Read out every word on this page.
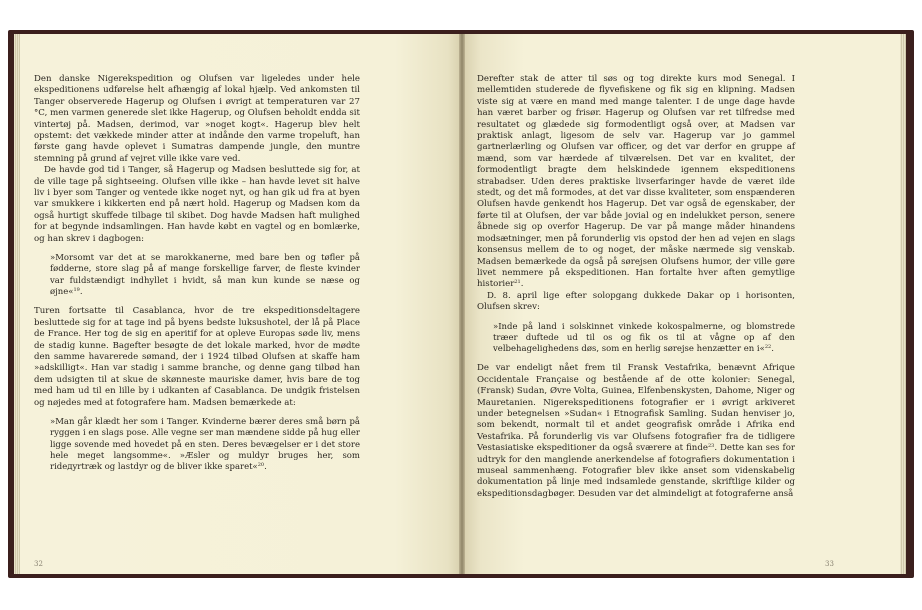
Den danske Nigerekspedition og Olufsen var ligeledes under hele ekspeditionens udførelse helt afhængig af lokal hjælp. Ved ankomsten til Tanger observerede Hagerup og Olufsen i øvrigt at temperaturen var 27 °C, men varmen generede slet ikke Hagerup, og Olufsen beholdt endda sit vintertøj på. Madsen, derimod, var »noget kogt«. Hagerup blev helt opstemt: det vækkede minder atter at indånde den varme tropeluft, han første gang havde oplevet i Sumatras dampende jungle, den muntre stemning på grund af vejret ville ikke vare ved.

De havde god tid i Tanger, så Hagerup og Madsen besluttede sig for, at de ville tage på sightseeing. Olufsen ville ikke – han havde levet sit halve liv i byer som Tanger og ventede ikke noget nyt, og han gik ud fra at byen var smukkere i kikkerten end på nært hold. Hagerup og Madsen kom da også hurtigt skuffede tilbage til skibet. Dog havde Madsen haft mulighed for at begynde indsamlingen. Han havde købt en vagtel og en bomlærke, og han skrev i dagbogen:

»Morsomt var det at se marokkanerne, med bare ben og tøfler på fødderne, store slag på af mange forskellige farver, de fleste kvinder var fuldstændigt indhyllet i hvidt, så man kun kunde se næse og øjne«$^{19}$.

Turen fortsatte til Casablanca, hvor de tre ekspeditionsdeltagere besluttede sig for at tage ind på byens bedste luksushotel, der lå på Place de France. Her tog de sig en aperitif for at opleve Europas søde liv, mens de stadig kunne. Bagefter besøgte de det lokale marked, hvor de mødte den samme havarerede sømand, der i 1924 tilbød Olufsen at skaffe ham »adskilligt«. Han var stadig i samme branche, og denne gang tilbød han dem udsigten til at skue de skønneste mauriske damer, hvis bare de tog med ham ud til en lille by i udkanten af Casablanca. De undgik fristelsen og nøjedes med at fotografere ham. Madsen bemærkede at:

»Man går klædt her som i Tanger. Kvinderne bærer deres små børn på ryggen i en slags pose. Alle vegne ser man mændene sidde på hug eller ligge sovende med hovedet på en sten. Deres bevægelser er i det store hele meget langsomme«. »Æsler og muldyr bruges her, som rideдyrtræk og lastdyr og de bliver ikke sparet«$^{20}$.
32

Derefter stak de atter til søs og tog direkte kurs mod Senegal. I mellemtiden studerede de flyvefiskene og fik sig en klipning. Madsen viste sig at være en mand med mange talenter. I de unge dage havde han været barber og frisør. Hagerup og Olufsen var ret tilfredse med resultatet og glædede sig formodentligt også over, at Madsen var praktisk anlagt, ligesom de selv var. Hagerup var jo gammel gartnerlærling og Olufsen var officer, og det var derfor en gruppe af mænd, som var hærdede af tilværelsen. Det var en kvalitet, der formodentligt bragte dem helskindede igennem ekspeditionens strabadser. Uden deres praktiske livserfaringer havde de været ilde stedt, og det må formodes, at det var disse kvaliteter, som enspænderen Olufsen havde genkendt hos Hagerup. Det var også de egenskaber, der førte til at Olufsen, der var både jovial og en indelukket person, senere åbnede sig op overfor Hagerup. De var på mange måder hinandens modsætninger, men på forunderlig vis opstod der hen ad vejen en slags konsensus mellem de to og noget, der måske nærmede sig venskab. Madsen bemærkede da også på sørejsen Olufsens humor, der ville gøre livet nemmere på ekspeditionen. Han fortalte hver aften gemytlige historier$^{21}$.

D. 8. april lige efter solopgang dukkede Dakar op i horisonten, Olufsen skrev:

»Inde på land i solskinnet vinkede kokospalmerne, og blomstrede træer duftede ud til os og fik os til at vågne op af den velbehagelighedens døs, som en herlig sørejse henzætter en i«$^{22}$.

De var endeligt nået frem til Fransk Vestafrika, benævnt Afrique Occidentale Française og bestående af de otte kolonier: Senegal, (Fransk) Sudan, Øvre Volta, Guinea, Elfenbenskysten, Dahome, Niger og Mauretanien. Nigerekspeditionens fotografier er i øvrigt arkiveret under betegnelsen »Sudan« i Etnografisk Samling. Sudan henviser jo, som bekendt, normalt til et andet geografisk område i Afrika end Vestafrika. På forunderlig vis var Olufsens fotografier fra de tidligere Vestasiatiske ekspeditioner da også sværere at finde$^{23}$. Dette kan ses for udtryk for den manglende anerkendelse af fotografiers dokumentation i museal sammenhæng. Fotografier blev ikke anset som videnskabelig dokumentation på linje med indsamlede genstande, skriftlige kilder og ekspeditionsdagbøger. Desuden var det almindeligt at fotograferne anså

33
